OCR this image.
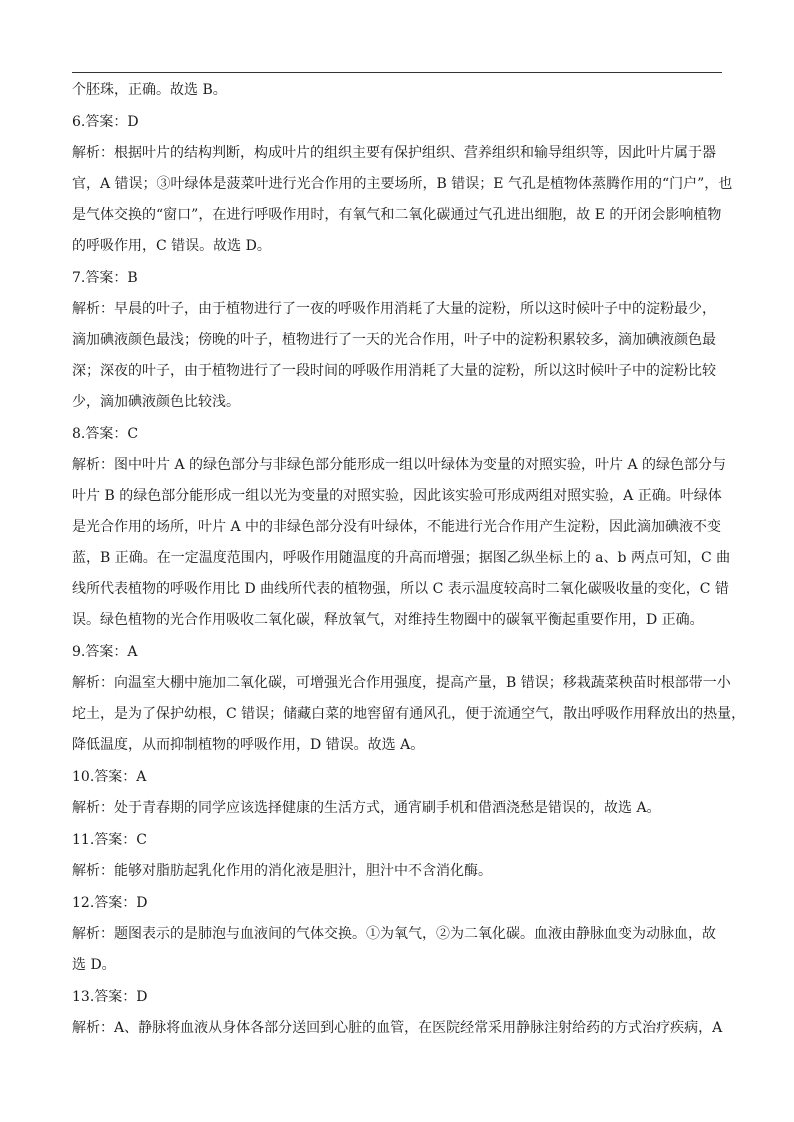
个胚珠，正确。故选 B。

6.答案：D

解析：根据叶片的结构判断，构成叶片的组织主要有保护组织、营养组织和输导组织等，因此叶片属于器

官，A 错误；③叶绿体是菠菜叶进行光合作用的主要场所，B 错误；E 气孔是植物体蒸腾作用的“门户”，也

是气体交换的“窗口”，在进行呼吸作用时，有氧气和二氧化碳通过气孔进出细胞，故 E 的开闭会影响植物

的呼吸作用，C 错误。故选 D。

7.答案：B

解析：早晨的叶子，由于植物进行了一夜的呼吸作用消耗了大量的淀粉，所以这时候叶子中的淀粉最少，

滴加碘液颜色最浅；傍晚的叶子，植物进行了一天的光合作用，叶子中的淀粉积累较多，滴加碘液颜色最

深；深夜的叶子，由于植物进行了一段时间的呼吸作用消耗了大量的淀粉，所以这时候叶子中的淀粉比较

少，滴加碘液颜色比较浅。

8.答案：C

解析：图中叶片 A 的绿色部分与非绿色部分能形成一组以叶绿体为变量的对照实验，叶片 A 的绿色部分与

叶片 B 的绿色部分能形成一组以光为变量的对照实验，因此该实验可形成两组对照实验，A 正确。叶绿体

是光合作用的场所，叶片 A 中的非绿色部分没有叶绿体，不能进行光合作用产生淀粉，因此滴加碘液不变

蓝，B 正确。在一定温度范围内，呼吸作用随温度的升高而增强；据图乙纵坐标上的 a、b 两点可知，C 曲

线所代表植物的呼吸作用比 D 曲线所代表的植物强，所以 C 表示温度较高时二氧化碳吸收量的变化，C 错

误。绿色植物的光合作用吸收二氧化碳，释放氧气，对维持生物圈中的碳氧平衡起重要作用，D 正确。

9.答案：A

解析：向温室大棚中施加二氧化碳，可增强光合作用强度，提高产量，B 错误；移栽蔬菜秧苗时根部带一小

坨土，是为了保护幼根，C 错误；储藏白菜的地窖留有通风孔，便于流通空气，散出呼吸作用释放出的热量，

降低温度，从而抑制植物的呼吸作用，D 错误。故选 A。

10.答案：A

解析：处于青春期的同学应该选择健康的生活方式，通宵刷手机和借酒浇愁是错误的，故选 A。

11.答案：C

解析：能够对脂肪起乳化作用的消化液是胆汁，胆汁中不含消化酶。

12.答案：D

解析：题图表示的是肺泡与血液间的气体交换。①为氧气，②为二氧化碳。血液由静脉血变为动脉血，故

选 D。

13.答案：D

解析：A、静脉将血液从身体各部分送回到心脏的血管，在医院经常采用静脉注射给药的方式治疗疾病，A
